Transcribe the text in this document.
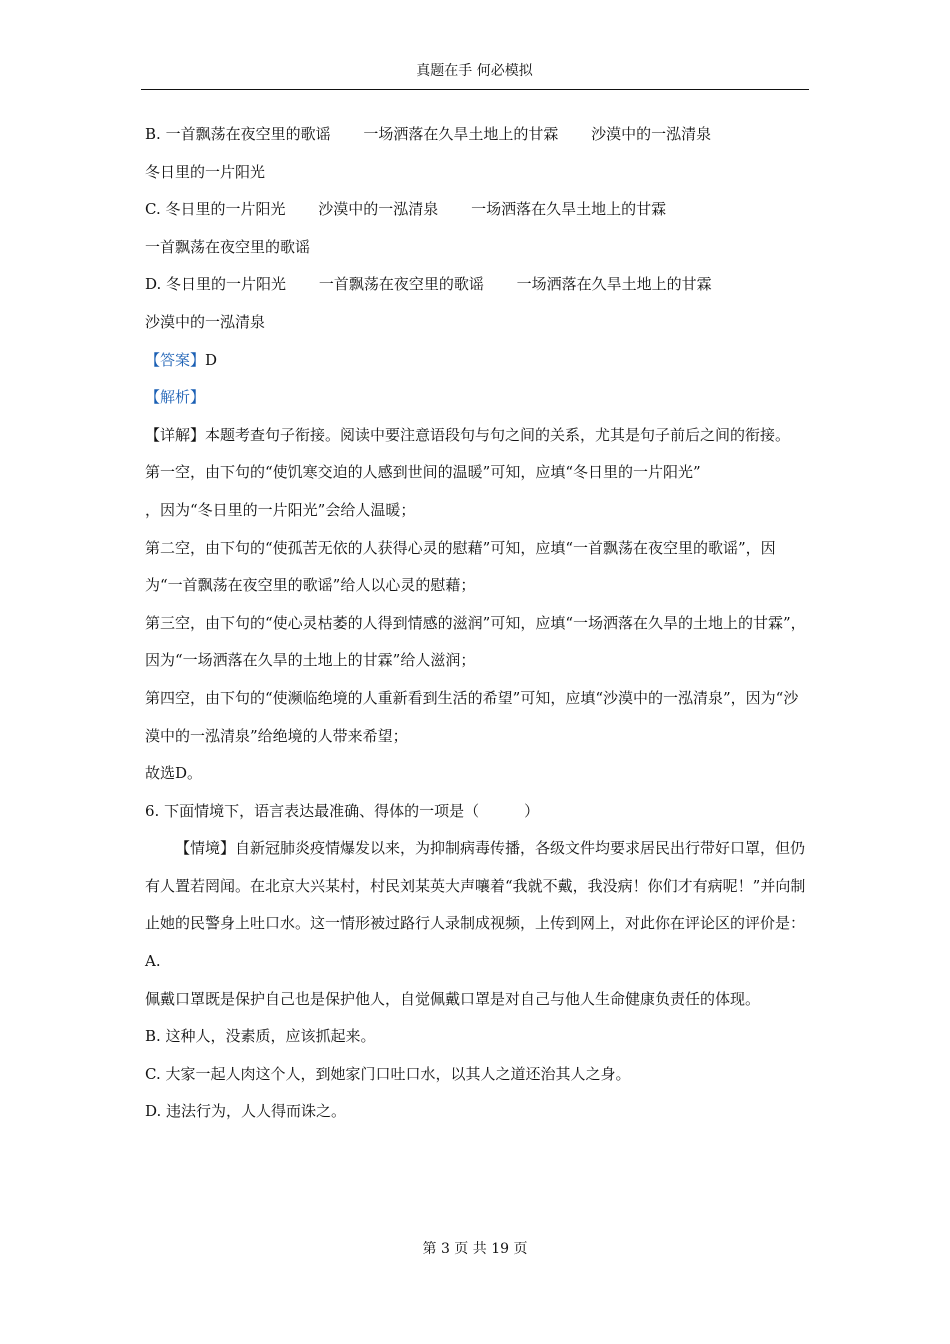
真题在手 何必模拟
B. 一首飘荡在夜空里的歌谣 一场洒落在久旱土地上的甘霖 沙漠中的一泓清泉
冬日里的一片阳光
C. 冬日里的一片阳光 沙漠中的一泓清泉 一场洒落在久旱土地上的甘霖
一首飘荡在夜空里的歌谣
D. 冬日里的一片阳光 一首飘荡在夜空里的歌谣 一场洒落在久旱土地上的甘霖
沙漠中的一泓清泉
【答案】D
【解析】
【详解】本题考查句子衔接。阅读中要注意语段句与句之间的关系，尤其是句子前后之间的衔接。
第一空，由下句的“使饥寒交迫的人感到世间的温暖”可知，应填“冬日里的一片阳光”
，因为“冬日里的一片阳光”会给人温暖；
第二空，由下句的“使孤苦无依的人获得心灵的慰藉”可知，应填“一首飘荡在夜空里的歌谣”，因为“一首飘荡在夜空里的歌谣”给人以心灵的慰藉；
第三空，由下句的“使心灵枯萎的人得到情感的滋润”可知，应填“一场洒落在久旱的土地上的甘霖”，因为“一场洒落在久旱的土地上的甘霖”给人滋润；
第四空，由下句的“使濒临绝境的人重新看到生活的希望”可知，应填“沙漠中的一泓清泉”，因为“沙漠中的一泓清泉”给绝境的人带来希望；
故选D。
6. 下面情境下，语言表达最准确、得体的一项是（　　　）
【情境】自新冠肺炎疫情爆发以来，为抑制病毒传播，各级文件均要求居民出行带好口罩，但仍有人置若罔闻。在北京大兴某村，村民刘某英大声嚷着“我就不戴，我没病！你们才有病呢！”并向制止她的民警身上吐口水。这一情形被过路行人录制成视频，上传到网上，对此你在评论区的评价是：
A.
佩戴口罩既是保护自己也是保护他人，自觉佩戴口罩是对自己与他人生命健康负责任的体现。
B. 这种人，没素质，应该抓起来。
C. 大家一起人肉这个人，到她家门口吐口水，以其人之道还治其人之身。
D. 违法行为，人人得而诛之。
第 3 页 共 19 页
